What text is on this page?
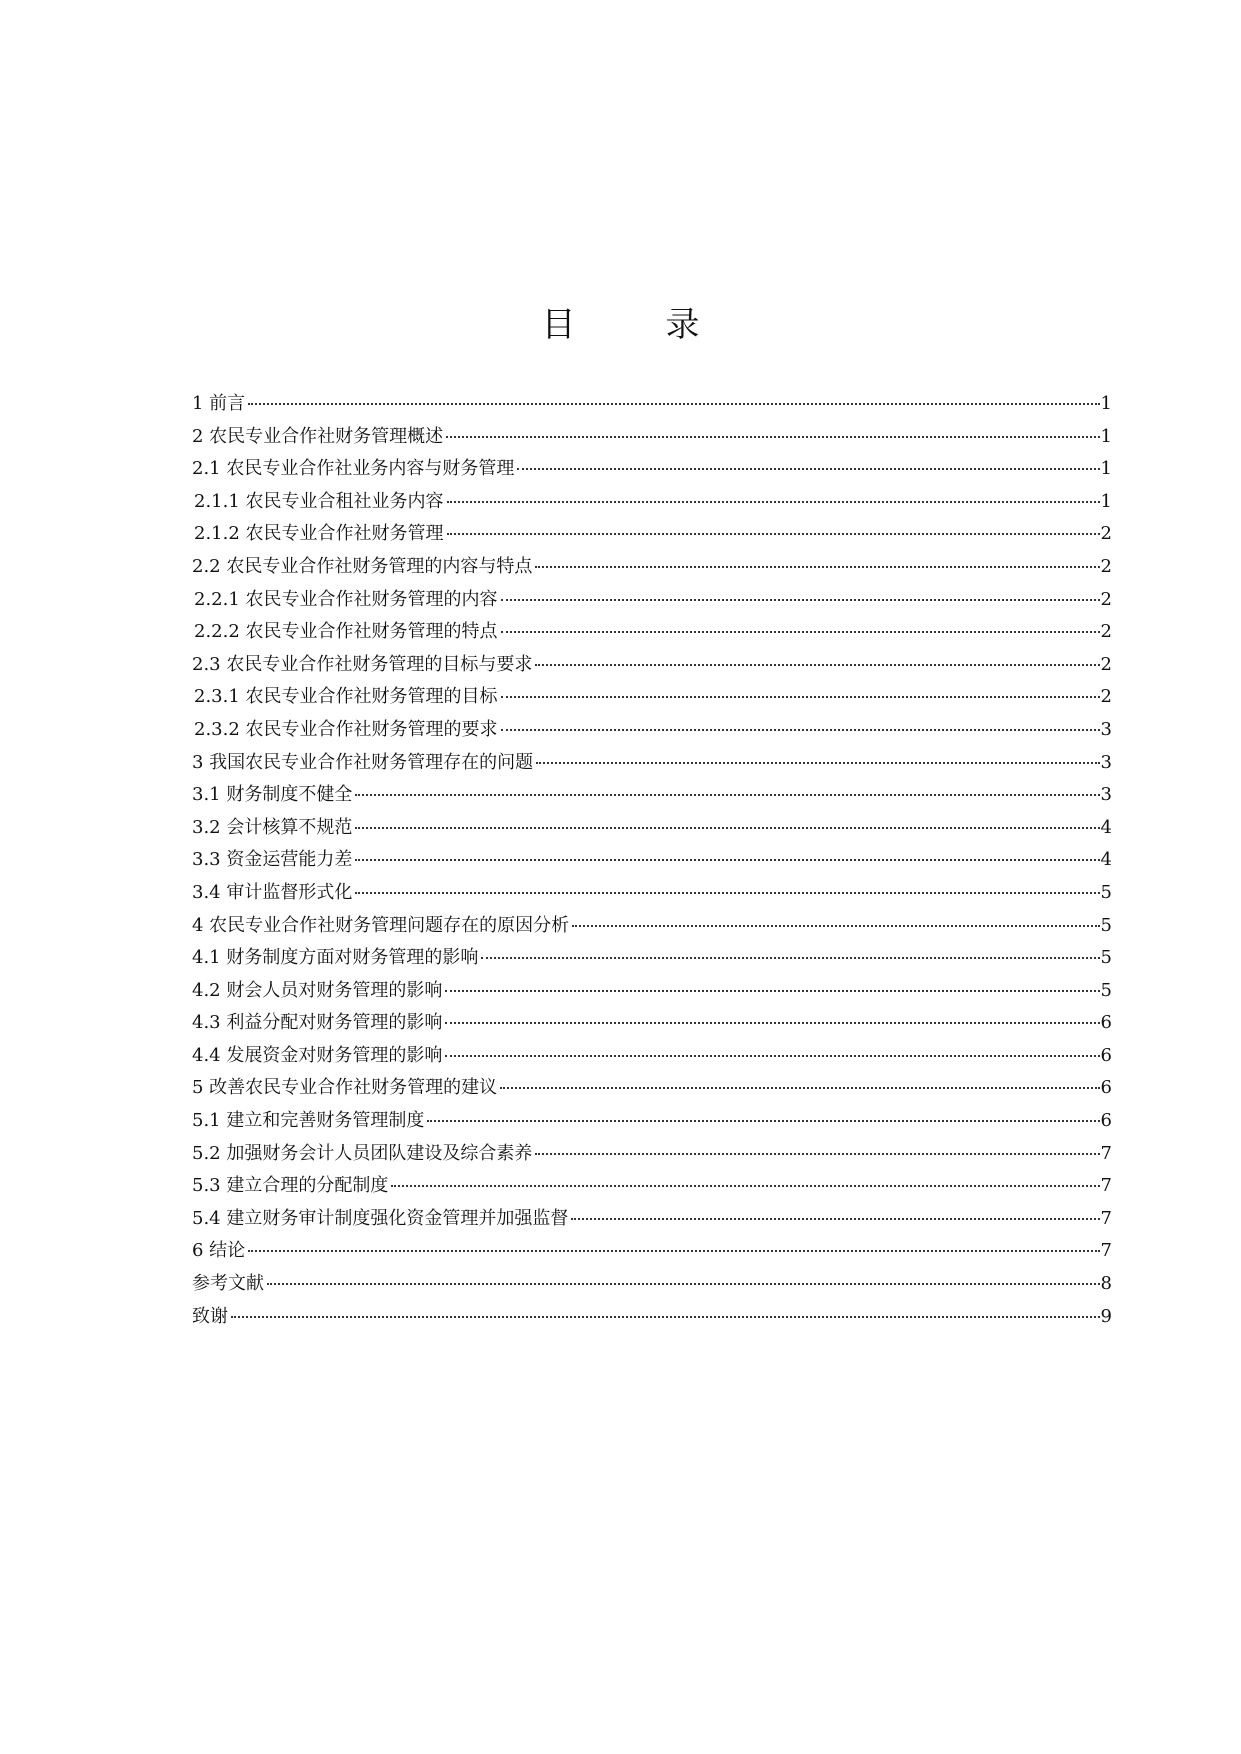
目　录
1 前言	1
2 农民专业合作社财务管理概述	1
2.1 农民专业合作社业务内容与财务管理	1
2.1.1 农民专业合租社业务内容	1
2.1.2 农民专业合作社财务管理	2
2.2 农民专业合作社财务管理的内容与特点	2
2.2.1 农民专业合作社财务管理的内容	2
2.2.2 农民专业合作社财务管理的特点	2
2.3 农民专业合作社财务管理的目标与要求	2
2.3.1 农民专业合作社财务管理的目标	2
2.3.2 农民专业合作社财务管理的要求	3
3 我国农民专业合作社财务管理存在的问题	3
3.1 财务制度不健全	3
3.2 会计核算不规范	4
3.3 资金运营能力差	4
3.4 审计监督形式化	5
4 农民专业合作社财务管理问题存在的原因分析	5
4.1 财务制度方面对财务管理的影响	5
4.2 财会人员对财务管理的影响	5
4.3 利益分配对财务管理的影响	6
4.4 发展资金对财务管理的影响	6
5 改善农民专业合作社财务管理的建议	6
5.1 建立和完善财务管理制度	6
5.2 加强财务会计人员团队建设及综合素养	7
5.3 建立合理的分配制度	7
5.4 建立财务审计制度强化资金管理并加强监督	7
6 结论	7
参考文献	8
致谢	9
